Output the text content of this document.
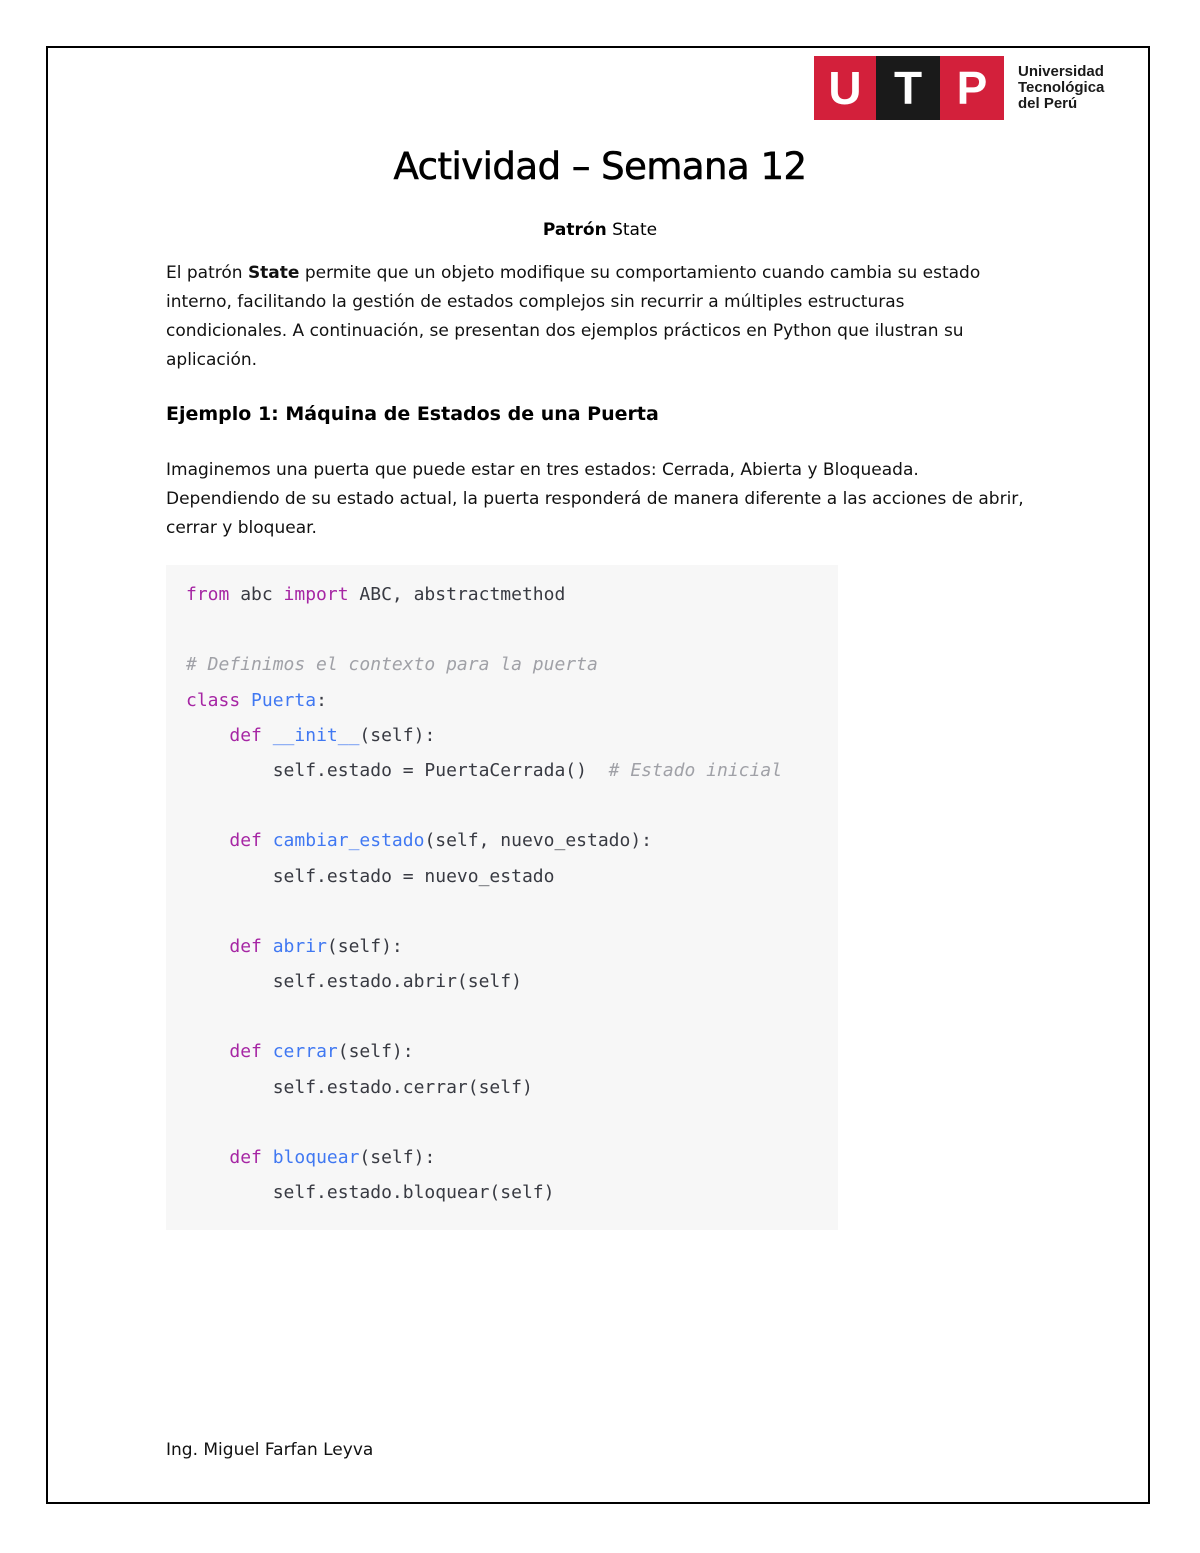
U T P	Universidad
Tecnológica
del Perú
Actividad – Semana 12
Patrón State
El patrón State permite que un objeto modifique su comportamiento cuando cambia su estado interno, facilitando la gestión de estados complejos sin recurrir a múltiples estructuras condicionales. A continuación, se presentan dos ejemplos prácticos en Python que ilustran su aplicación.
Ejemplo 1: Máquina de Estados de una Puerta
Imaginemos una puerta que puede estar en tres estados: Cerrada, Abierta y Bloqueada. Dependiendo de su estado actual, la puerta responderá de manera diferente a las acciones de abrir, cerrar y bloquear.
from abc import ABC, abstractmethod
# Definimos el contexto para la puerta
class Puerta:
def __init__(self):
self.estado = PuertaCerrada()  # Estado inicial
def cambiar_estado(self, nuevo_estado):
self.estado = nuevo_estado
def abrir(self):
self.estado.abrir(self)
def cerrar(self):
self.estado.cerrar(self)
def bloquear(self):
self.estado.bloquear(self)
Ing. Miguel Farfan Leyva
